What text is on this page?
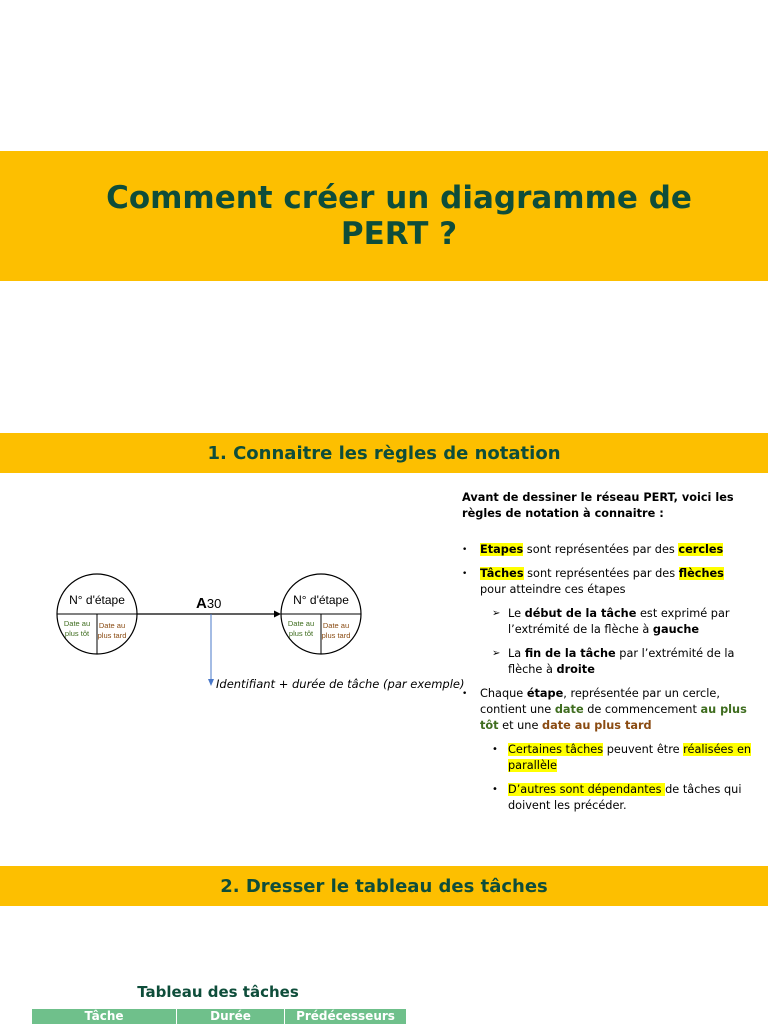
Comment créer un diagramme de PERT ?
1. Connaitre les règles de notation
N° d'étape
Date au
plus tôt
Date au
plus tard
N° d'étape
Date au
plus tôt
Date au
plus tard
A30
Identifiant + durée de tâche (par exemple)
Avant de dessiner le réseau PERT, voici les règles de notation à connaitre :
• Etapes sont représentées par des cercles
• Tâches sont représentées par des flèches pour atteindre ces étapes
➢ Le début de la tâche est exprimé par l’extrémité de la flèche à gauche
➢ La fin de la tâche par l’extrémité de la flèche à droite
• Chaque étape, représentée par un cercle, contient une date de commencement au plus tôt et une date au plus tard
• Certaines tâches peuvent être réalisées en parallèle
• D’autres sont dépendantes de tâches qui doivent les précéder.
2. Dresser le tableau des tâches
Tableau des tâches
Tâche	Durée	Prédécesseurs
